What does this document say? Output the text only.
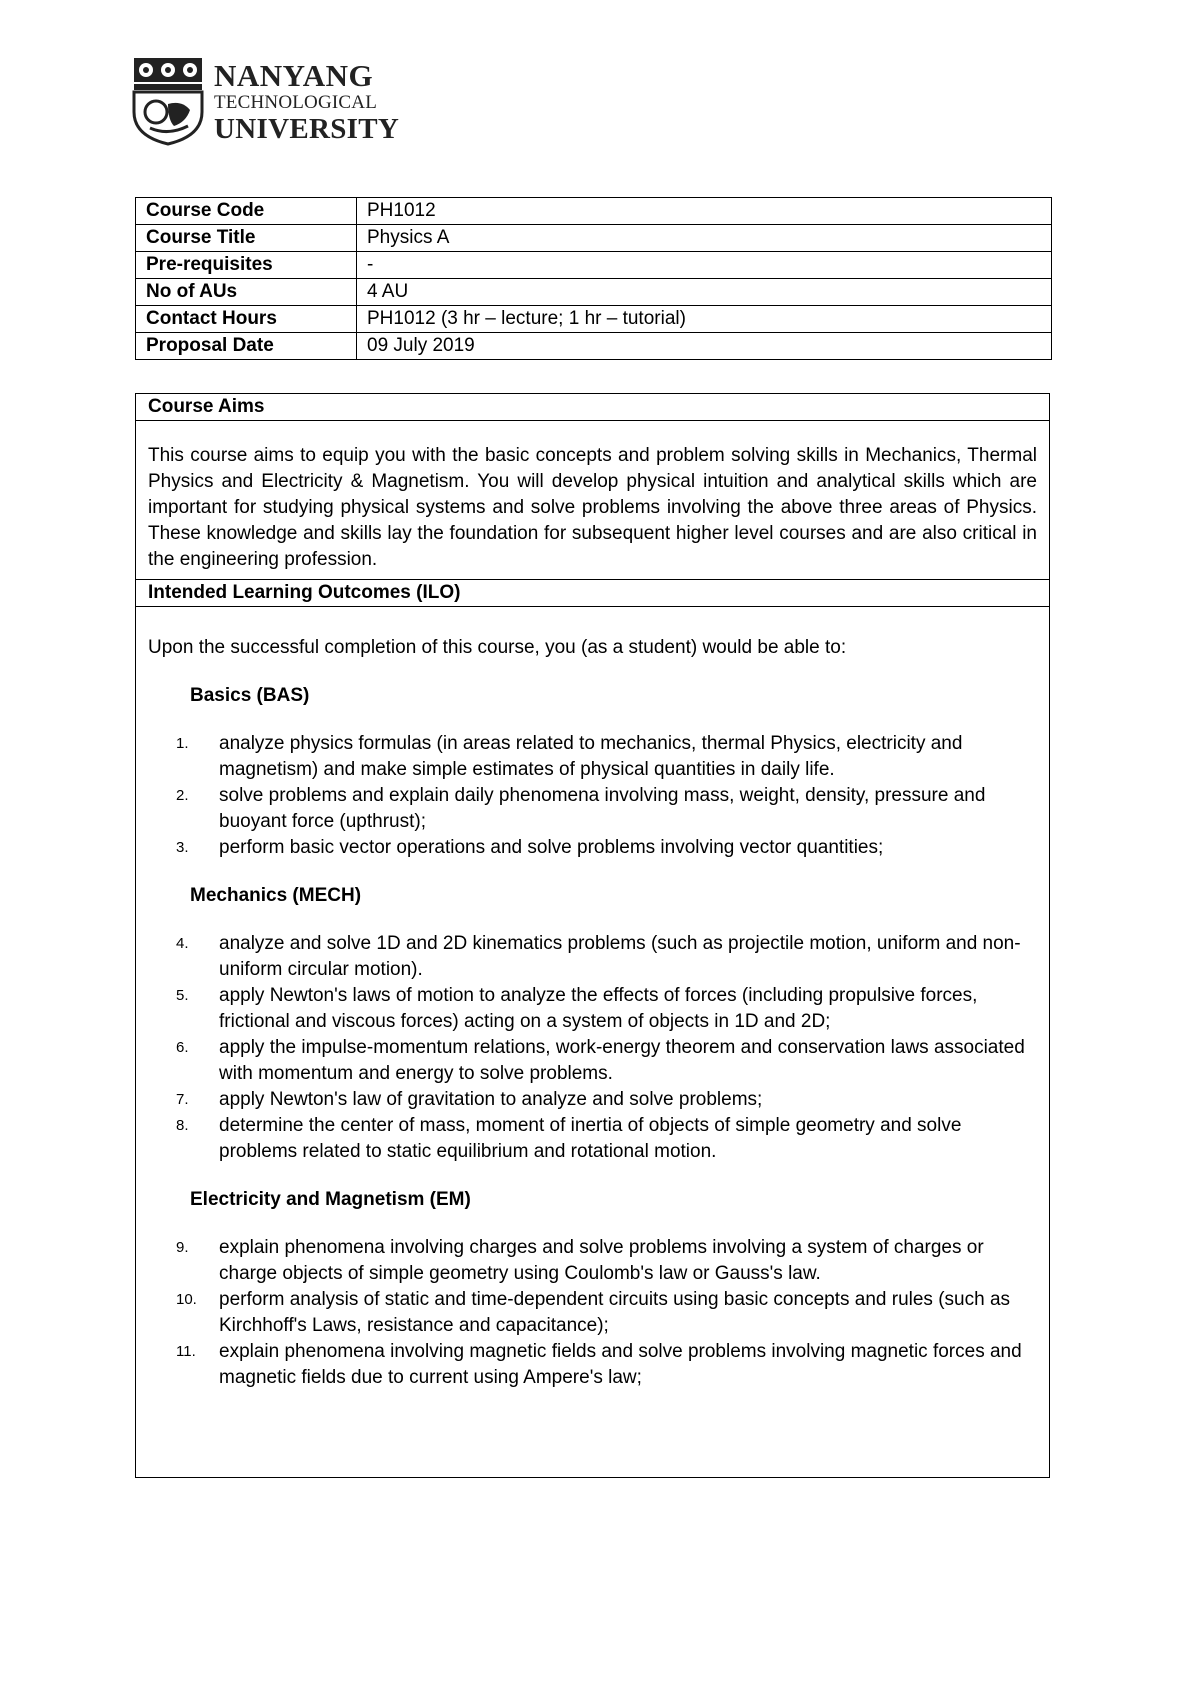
NANYANG
TECHNOLOGICAL
UNIVERSITY
Course Code	PH1012
Course Title	Physics A
Pre-requisites	-
No of AUs	4 AU
Contact Hours	PH1012 (3 hr – lecture; 1 hr – tutorial)
Proposal Date	09 July 2019
Course Aims
This course aims to equip you with the basic concepts and problem solving skills in Mechanics, Thermal Physics and Electricity & Magnetism. You will develop physical intuition and analytical skills which are important for studying physical systems and solve problems involving the above three areas of Physics. These knowledge and skills lay the foundation for subsequent higher level courses and are also critical in the engineering profession.
Intended Learning Outcomes (ILO)
Upon the successful completion of this course, you (as a student) would be able to:
Basics (BAS)
1. analyze physics formulas (in areas related to mechanics, thermal Physics, electricity and magnetism) and make simple estimates of physical quantities in daily life.
2. solve problems and explain daily phenomena involving mass, weight, density, pressure and buoyant force (upthrust);
3. perform basic vector operations and solve problems involving vector quantities;
Mechanics (MECH)
4. analyze and solve 1D and 2D kinematics problems (such as projectile motion, uniform and non-uniform circular motion).
5. apply Newton's laws of motion to analyze the effects of forces (including propulsive forces, frictional and viscous forces) acting on a system of objects in 1D and 2D;
6. apply the impulse-momentum relations, work-energy theorem and conservation laws associated with momentum and energy to solve problems.
7. apply Newton's law of gravitation to analyze and solve problems;
8. determine the center of mass, moment of inertia of objects of simple geometry and solve problems related to static equilibrium and rotational motion.
Electricity and Magnetism (EM)
9. explain phenomena involving charges and solve problems involving a system of charges or charge objects of simple geometry using Coulomb's law or Gauss's law.
10. perform analysis of static and time-dependent circuits using basic concepts and rules (such as Kirchhoff's Laws, resistance and capacitance);
11. explain phenomena involving magnetic fields and solve problems involving magnetic forces and magnetic fields due to current using Ampere's law;
